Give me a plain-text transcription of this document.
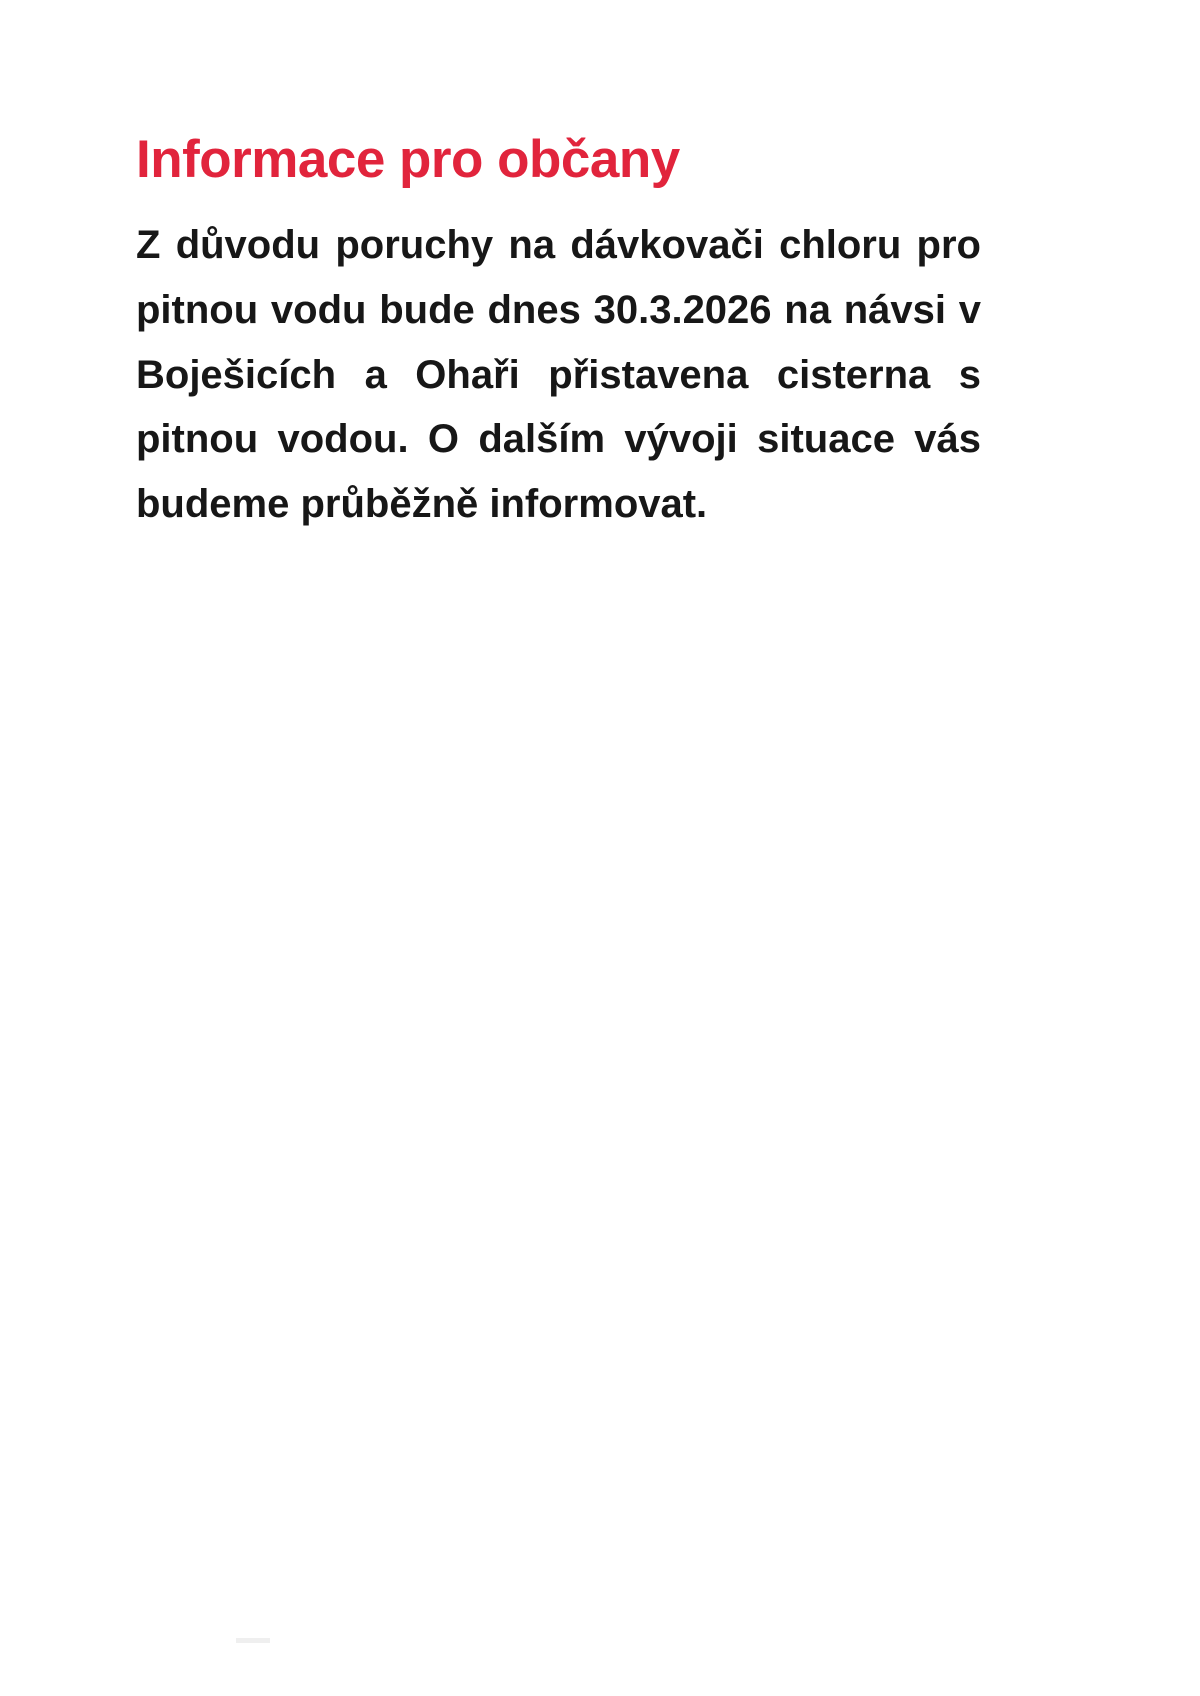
Informace pro občany

Z důvodu poruchy na dávkovači chloru pro pitnou vodu bude dnes 30.3.2026 na návsi v Boješicích a Ohaři přistavena cisterna s pitnou vodou. O dalším vývoji situace vás budeme průběžně informovat.
